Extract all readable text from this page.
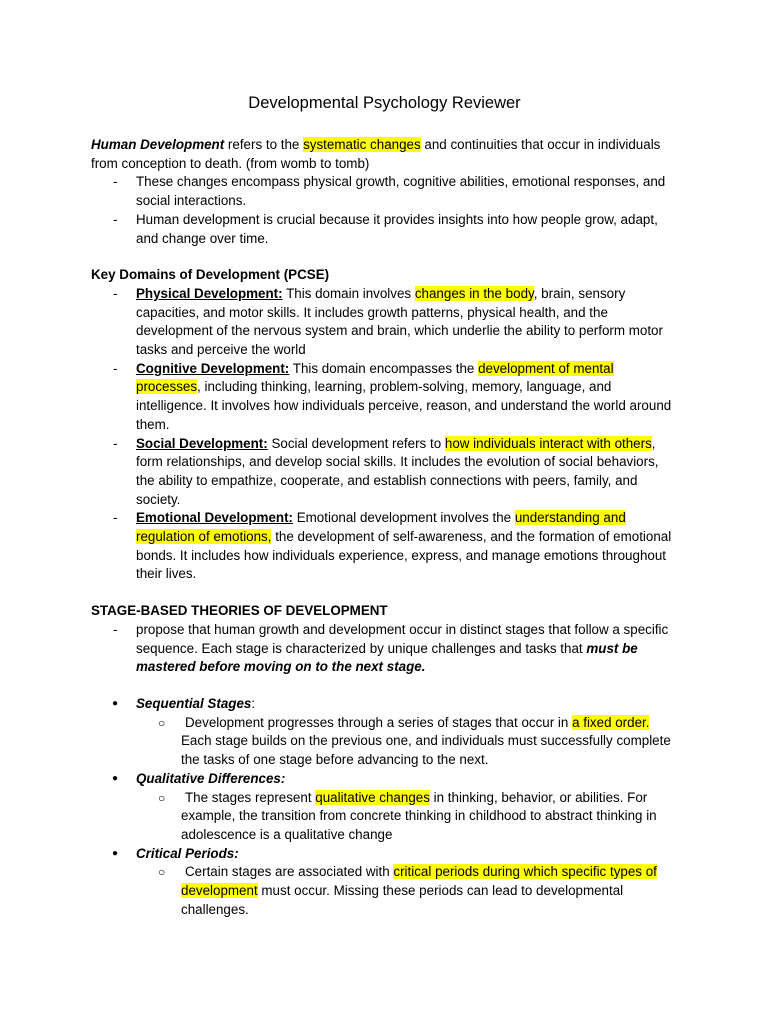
Developmental Psychology Reviewer

Human Development refers to the systematic changes and continuities that occur in individuals from conception to death. (from womb to tomb)

- These changes encompass physical growth, cognitive abilities, emotional responses, and social interactions.
- Human development is crucial because it provides insights into how people grow, adapt, and change over time.

Key Domains of Development (PCSE)

- Physical Development: This domain involves changes in the body, brain, sensory capacities, and motor skills. It includes growth patterns, physical health, and the development of the nervous system and brain, which underlie the ability to perform motor tasks and perceive the world
- Cognitive Development: This domain encompasses the development of mental processes, including thinking, learning, problem-solving, memory, language, and intelligence. It involves how individuals perceive, reason, and understand the world around them.
- Social Development: Social development refers to how individuals interact with others, form relationships, and develop social skills. It includes the evolution of social behaviors, the ability to empathize, cooperate, and establish connections with peers, family, and society.
- Emotional Development: Emotional development involves the understanding and regulation of emotions, the development of self-awareness, and the formation of emotional bonds. It includes how individuals experience, express, and manage emotions throughout their lives.

STAGE-BASED THEORIES OF DEVELOPMENT

- propose that human growth and development occur in distinct stages that follow a specific sequence. Each stage is characterized by unique challenges and tasks that must be mastered before moving on to the next stage.
● Sequential Stages:
○ Development progresses through a series of stages that occur in a fixed order. Each stage builds on the previous one, and individuals must successfully complete the tasks of one stage before advancing to the next.
● Qualitative Differences:
○ The stages represent qualitative changes in thinking, behavior, or abilities. For example, the transition from concrete thinking in childhood to abstract thinking in adolescence is a qualitative change
● Critical Periods:
○ Certain stages are associated with critical periods during which specific types of development must occur. Missing these periods can lead to developmental challenges.
